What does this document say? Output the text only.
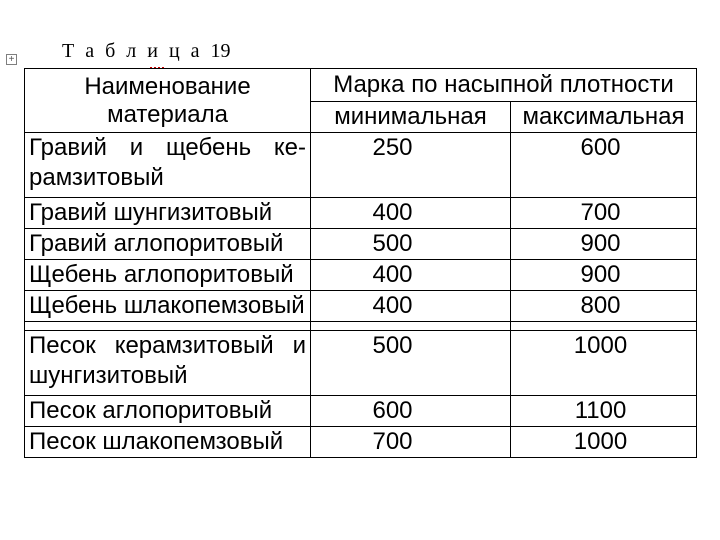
+ Т а б л и ц а 19
Наименование материала	Марка по насыпной плотности	
	минимальная	максимальная
Гравий и щебень ке-рамзитовый	250	600
Гравий шунгизитовый	400	700
Гравий аглопоритовый	500	900
Щебень аглопоритовый	400	900
Щебень шлакопемзовый	400	800

Песок керамзитовый и шунгизитовый	500	1000
Песок аглопоритовый	600	1100
Песок шлакопемзовый	700	1000
